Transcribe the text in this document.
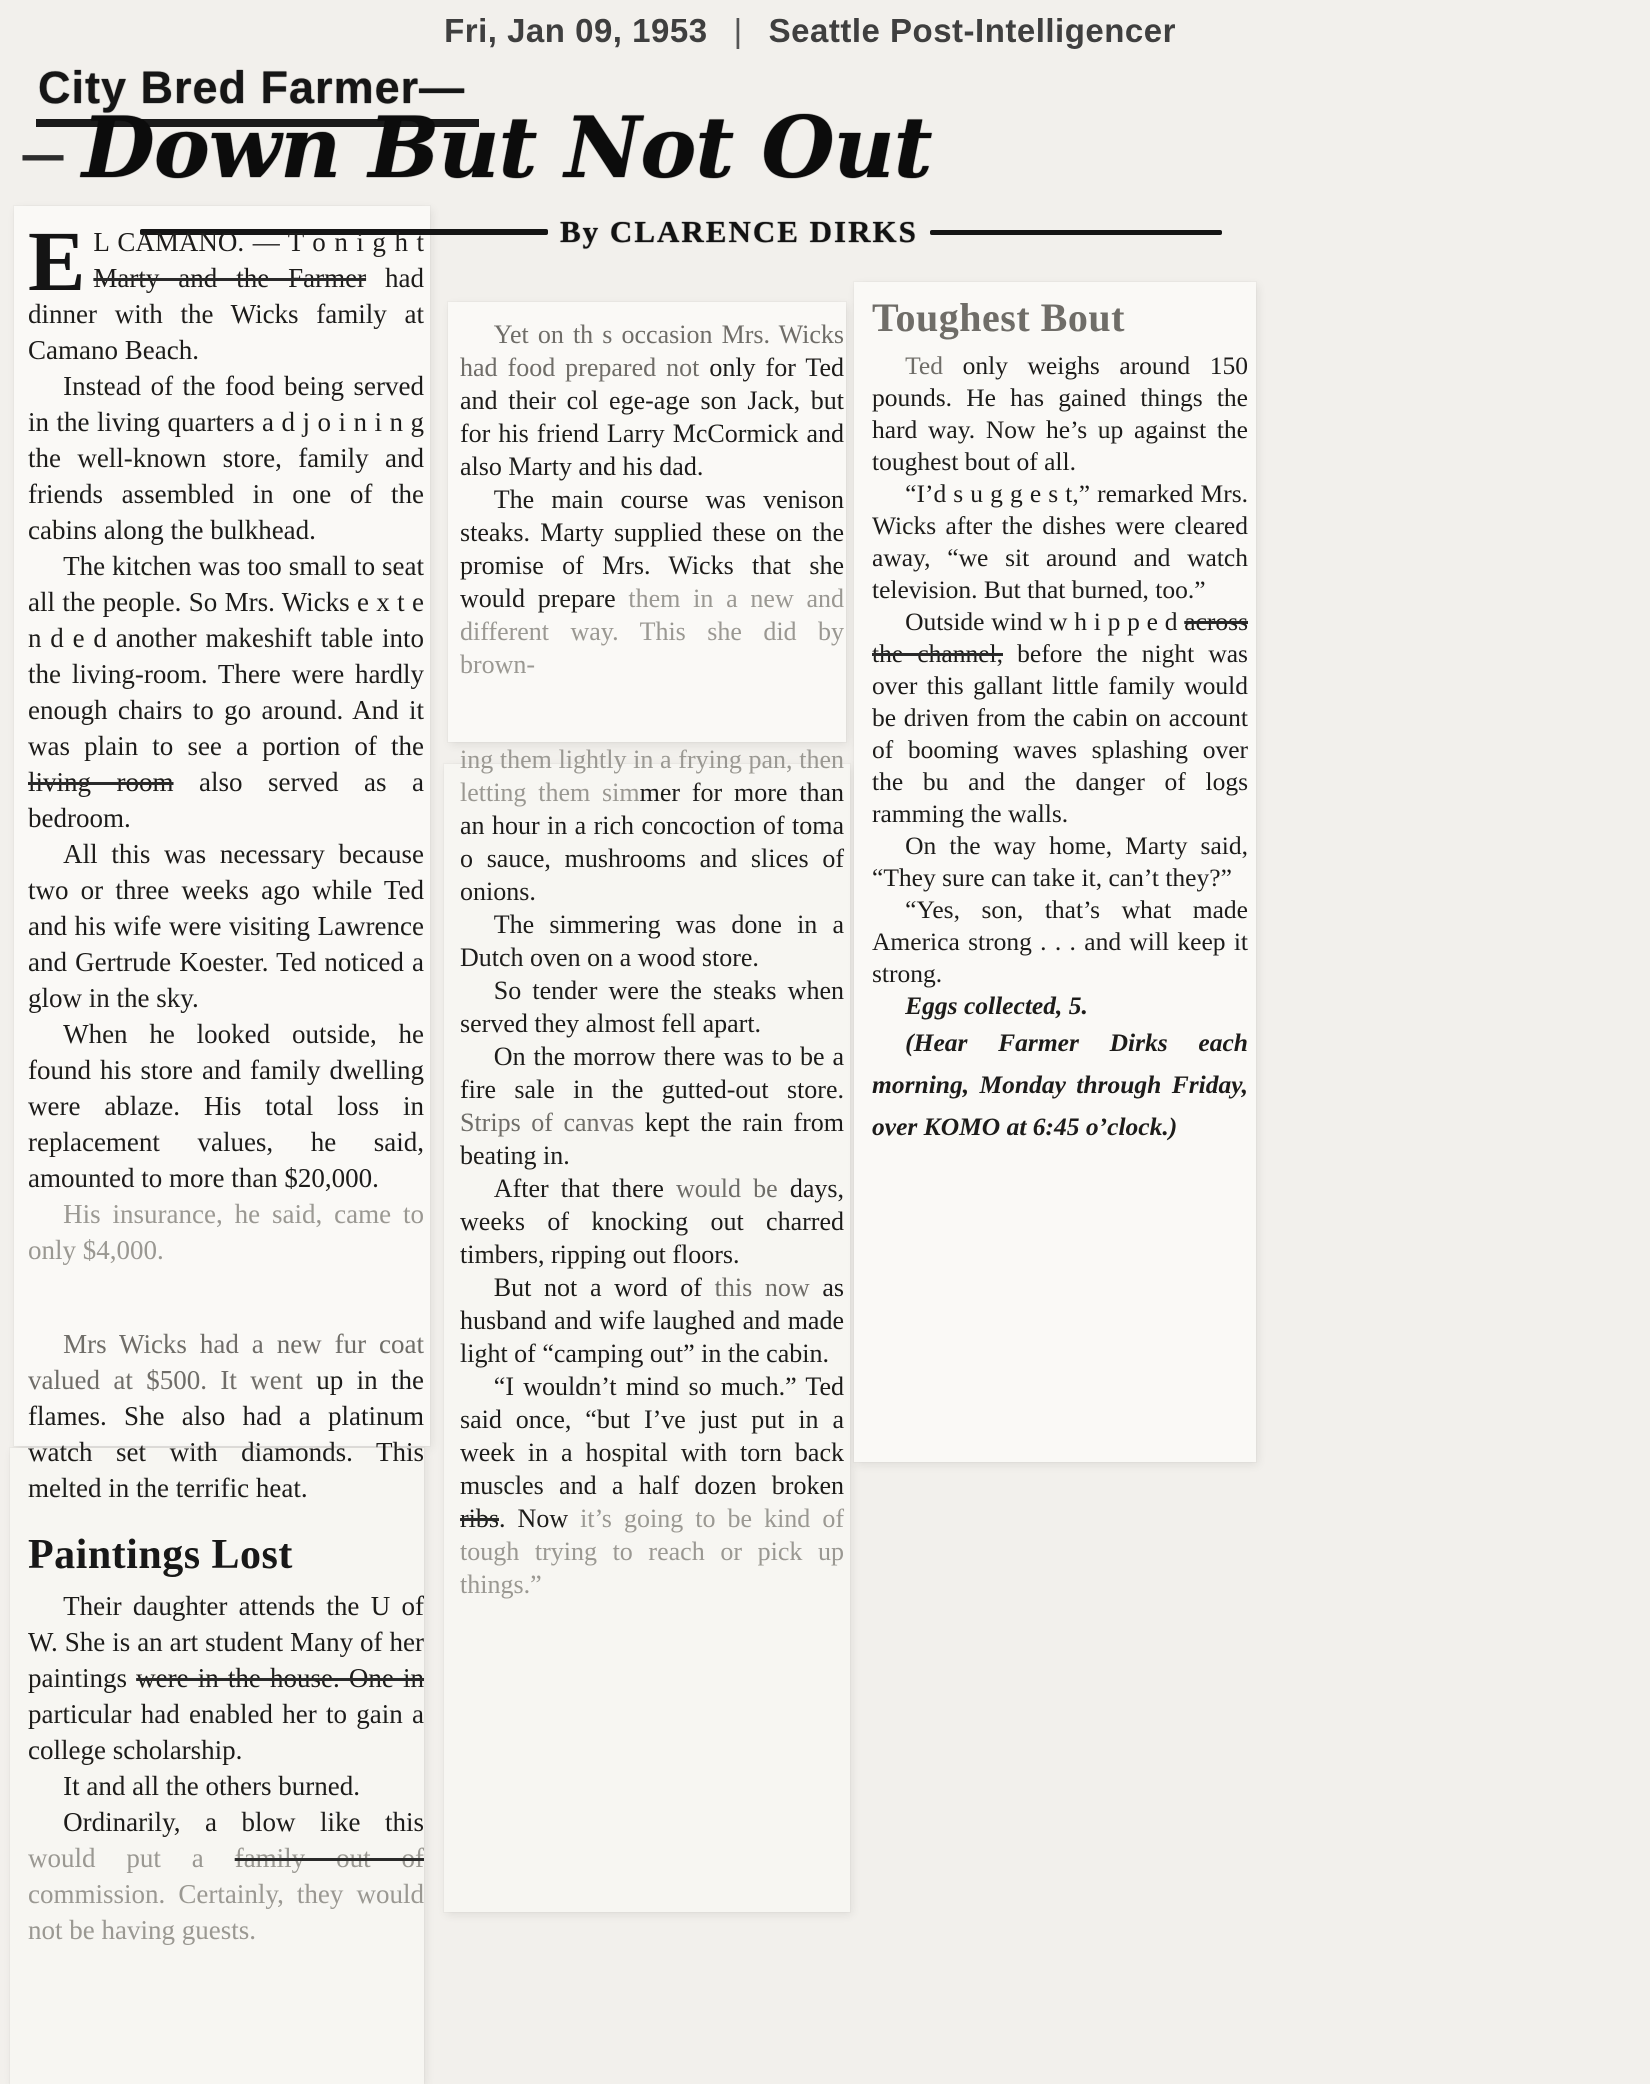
Fri, Jan 09, 1953 | Seattle Post-Intelligencer
City Bred Farmer—
— Down But Not Out
By CLARENCE DIRKS

E L CAMANO. — T o n i g h t Marty and the Farmer had dinner with the Wicks family at Camano Beach.

Instead of the food being served in the living quarters a d j o i n i n g the well-known store, family and friends assembled in one of the cabins along the bulkhead.

The kitchen was too small to seat all the people. So Mrs. Wicks e x t e n d e d another makeshift table into the living-room. There were hardly enough chairs to go around. And it was plain to see a portion of the living room also served as a bedroom.

All this was necessary because two or three weeks ago while Ted and his wife were visiting Lawrence and Gertrude Koester. Ted noticed a glow in the sky.

When he looked outside, he found his store and family dwelling were ablaze. His total loss in replacement values, he said, amounted to more than $20,000.

His insurance, he said, came to only $4,000.

Mrs Wicks had a new fur coat valued at $500. It went up in the flames. She also had a platinum watch set with diamonds. This melted in the terrific heat.

Paintings Lost

Their daughter attends the U of W. She is an art student Many of her paintings were in the house. One in particular had enabled her to gain a college scholarship.

It and all the others burned.

Ordinarily, a blow like this would put a family out of commission. Certainly, they would not be having guests.

Yet on th s occasion Mrs. Wicks had food prepared not only for Ted and their col ege-age son Jack, but for his friend Larry McCormick and also Marty and his dad.

The main course was venison steaks. Marty supplied these on the promise of Mrs. Wicks that she would prepare them in a new and different way. This she did by brown-

ing them lightly in a frying pan, then letting them simmer for more than an hour in a rich concoction of toma o sauce, mushrooms and slices of onions.

The simmering was done in a Dutch oven on a wood store.

So tender were the steaks when served they almost fell apart.

On the morrow there was to be a fire sale in the gutted-out store. Strips of canvas kept the rain from beating in.

After that there would be days, weeks of knocking out charred timbers, ripping out floors.

But not a word of this now as husband and wife laughed and made light of “camping out” in the cabin.

“I wouldn’t mind so much.” Ted said once, “but I’ve just put in a week in a hospital with torn back muscles and a half dozen broken ribs. Now it’s going to be kind of tough trying to reach or pick up things.”

Toughest Bout

Ted only weighs around 150 pounds. He has gained things the hard way. Now he’s up against the toughest bout of all.

“I’d s u g g e s t,” remarked Mrs. Wicks after the dishes were cleared away, “we sit around and watch television. But that burned, too.”

Outside wind w h i p p e d across the channel, before the night was over this gallant little family would be driven from the cabin on account of booming waves splashing over the bu and the danger of logs ramming the walls.

On the way home, Marty said, “They sure can take it, can’t they?”

“Yes, son, that’s what made America strong . . . and will keep it strong.

Eggs collected, 5.

(Hear Farmer Dirks each morning, Monday through Friday, over KOMO at 6:45 o’clock.)
